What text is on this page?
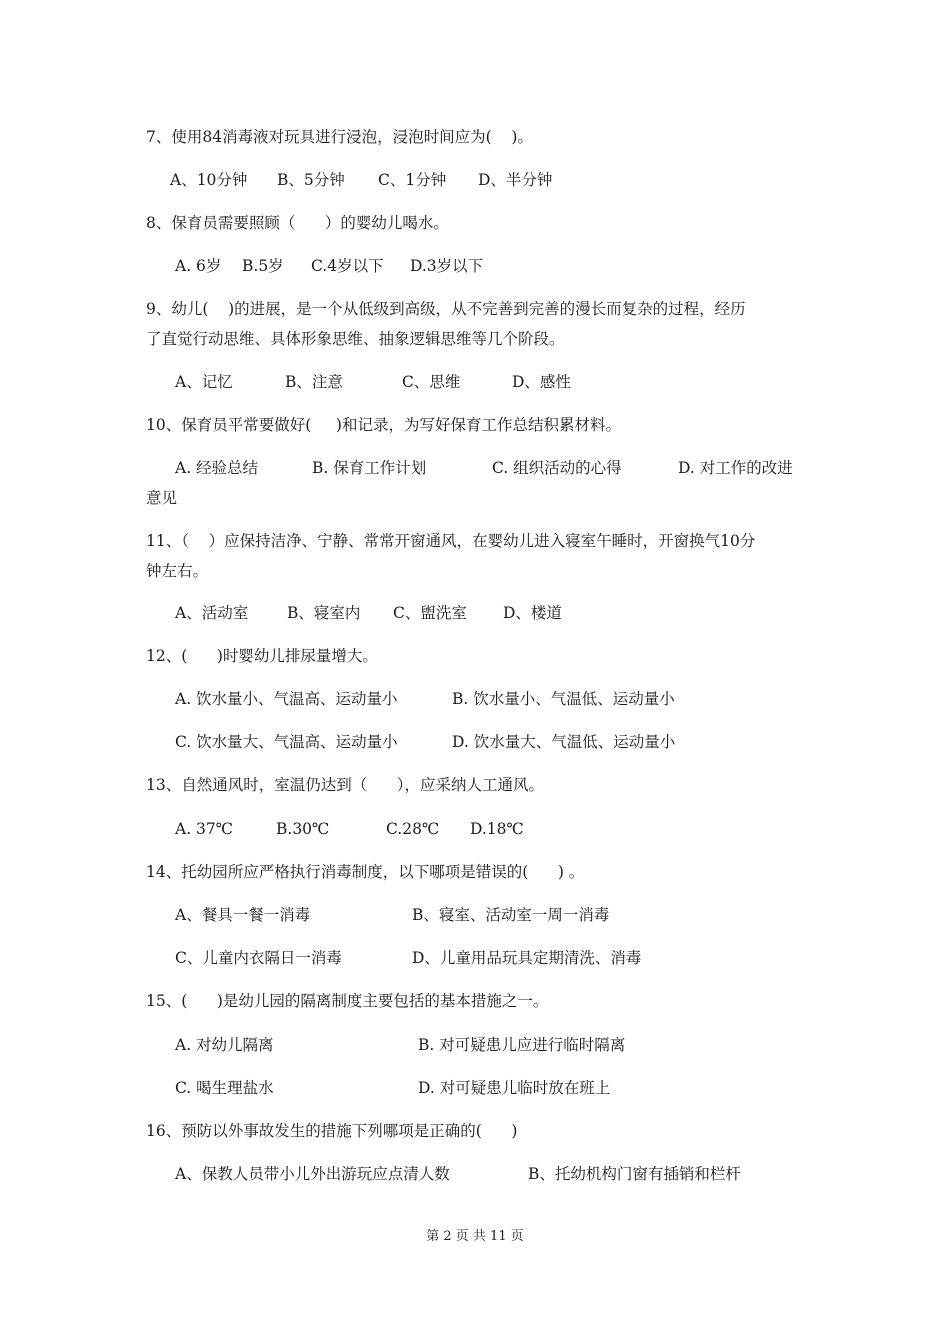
7、使用84消毒液对玩具进行浸泡，浸泡时间应为(    )。
A、10分钟 B、5分钟 C、1分钟 D、半分钟
8、保育员需要照顾（      ）的婴幼儿喝水。
A. 6岁 B.5岁 C.4岁以下 D.3岁以下
9、幼儿(    )的进展，是一个从低级到高级，从不完善到完善的漫长而复杂的过程，经历
了直觉行动思维、具体形象思维、抽象逻辑思维等几个阶段。
A、记忆	B、注意	C、思维	D、感性
10、保育员平常要做好(     )和记录，为写好保育工作总结积累材料。
A. 经验总结	B. 保育工作计划	C. 组织活动的心得	D. 对工作的改进
意见
11、（    ）应保持洁净、宁静、常常开窗通风，在婴幼儿进入寝室午睡时，开窗换气10分
钟左右。
A、活动室	B、寝室内 C、盥洗室 D、楼道
12、(      )时婴幼儿排尿量增大。
A. 饮水量小、气温高、运动量小	B. 饮水量小、气温低、运动量小
C. 饮水量大、气温高、运动量小	D. 饮水量大、气温低、运动量小
13、自然通风时，室温仍达到（      ），应采纳人工通风。
A. 37℃	B.30℃	C.28℃ D.18℃
14、托幼园所应严格执行消毒制度，以下哪项是错误的(      ) 。
A、餐具一餐一消毒	B、寝室、活动室一周一消毒
C、儿童内衣隔日一消毒	D、儿童用品玩具定期清洗、消毒
15、(      )是幼儿园的隔离制度主要包括的基本措施之一。
A. 对幼儿隔离	B. 对可疑患儿应进行临时隔离
C. 喝生理盐水	D. 对可疑患儿临时放在班上
16、预防以外事故发生的措施下列哪项是正确的(      )
A、保教人员带小儿外出游玩应点清人数	B、托幼机构门窗有插销和栏杆
第 2 页 共 11 页
